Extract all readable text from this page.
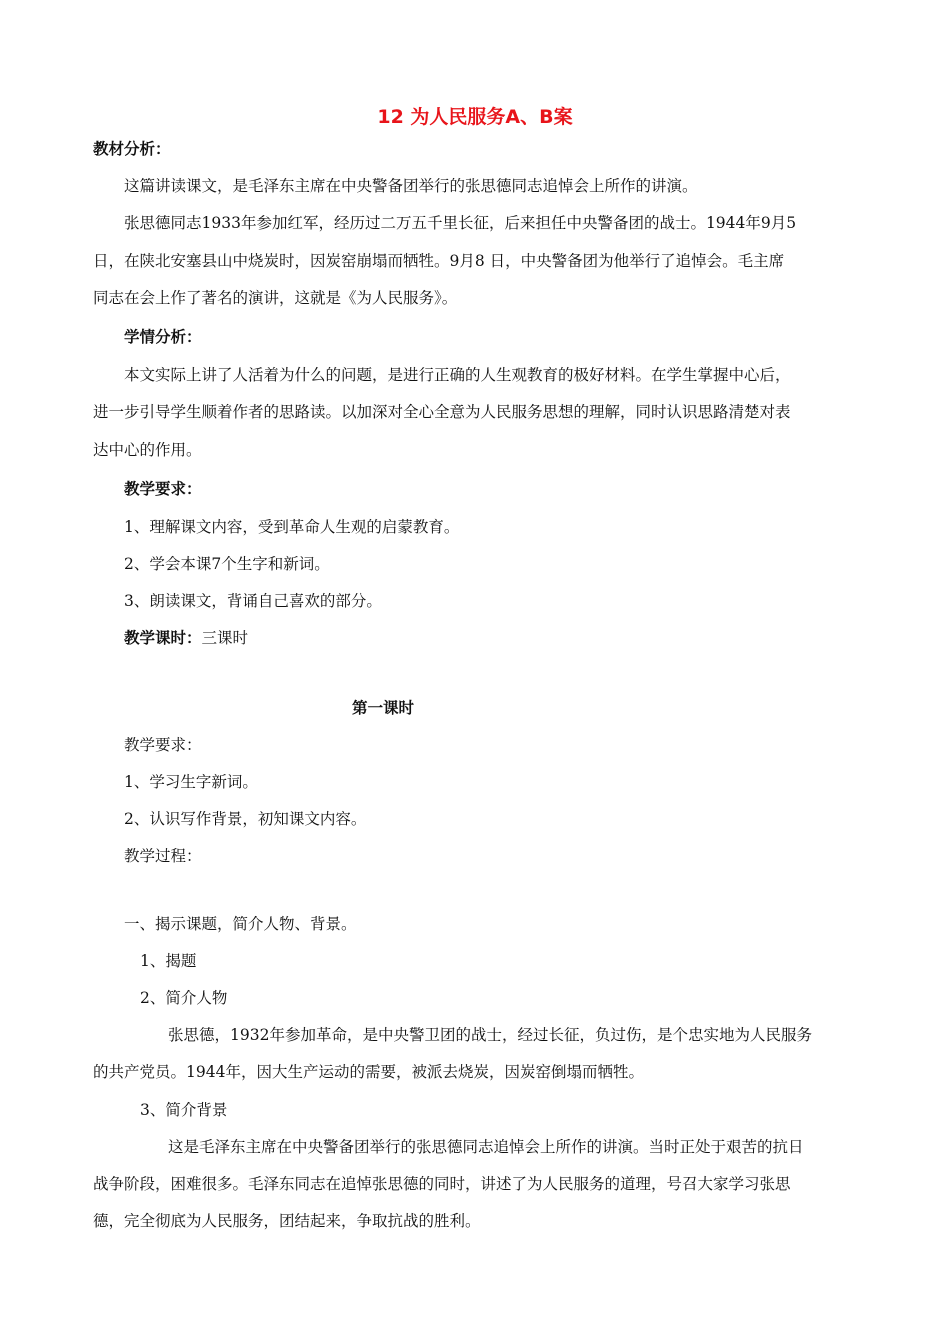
12 为人民服务A、B案
教材分析：
这篇讲读课文，是毛泽东主席在中央警备团举行的张思德同志追悼会上所作的讲演。
张思德同志1933年参加红军，经历过二万五千里长征，后来担任中央警备团的战士。1944年9月5
日，在陕北安塞县山中烧炭时，因炭窑崩塌而牺牲。9月8 日，中央警备团为他举行了追悼会。毛主席
同志在会上作了著名的演讲，这就是《为人民服务》。
学情分析：
本文实际上讲了人活着为什么的问题，是进行正确的人生观教育的极好材料。在学生掌握中心后，
进一步引导学生顺着作者的思路读。以加深对全心全意为人民服务思想的理解，同时认识思路清楚对表
达中心的作用。
教学要求：
1、理解课文内容，受到革命人生观的启蒙教育。
2、学会本课7个生字和新词。
3、朗读课文，背诵自己喜欢的部分。
教学课时：三课时
第一课时
教学要求：
1、学习生字新词。
2、认识写作背景，初知课文内容。
教学过程：
一、揭示课题，简介人物、背景。
1、揭题
2、简介人物
张思德，1932年参加革命，是中央警卫团的战士，经过长征，负过伤，是个忠实地为人民服务
的共产党员。1944年，因大生产运动的需要，被派去烧炭，因炭窑倒塌而牺牲。
3、简介背景
这是毛泽东主席在中央警备团举行的张思德同志追悼会上所作的讲演。当时正处于艰苦的抗日
战争阶段，困难很多。毛泽东同志在追悼张思德的同时，讲述了为人民服务的道理，号召大家学习张思
德，完全彻底为人民服务，团结起来，争取抗战的胜利。
